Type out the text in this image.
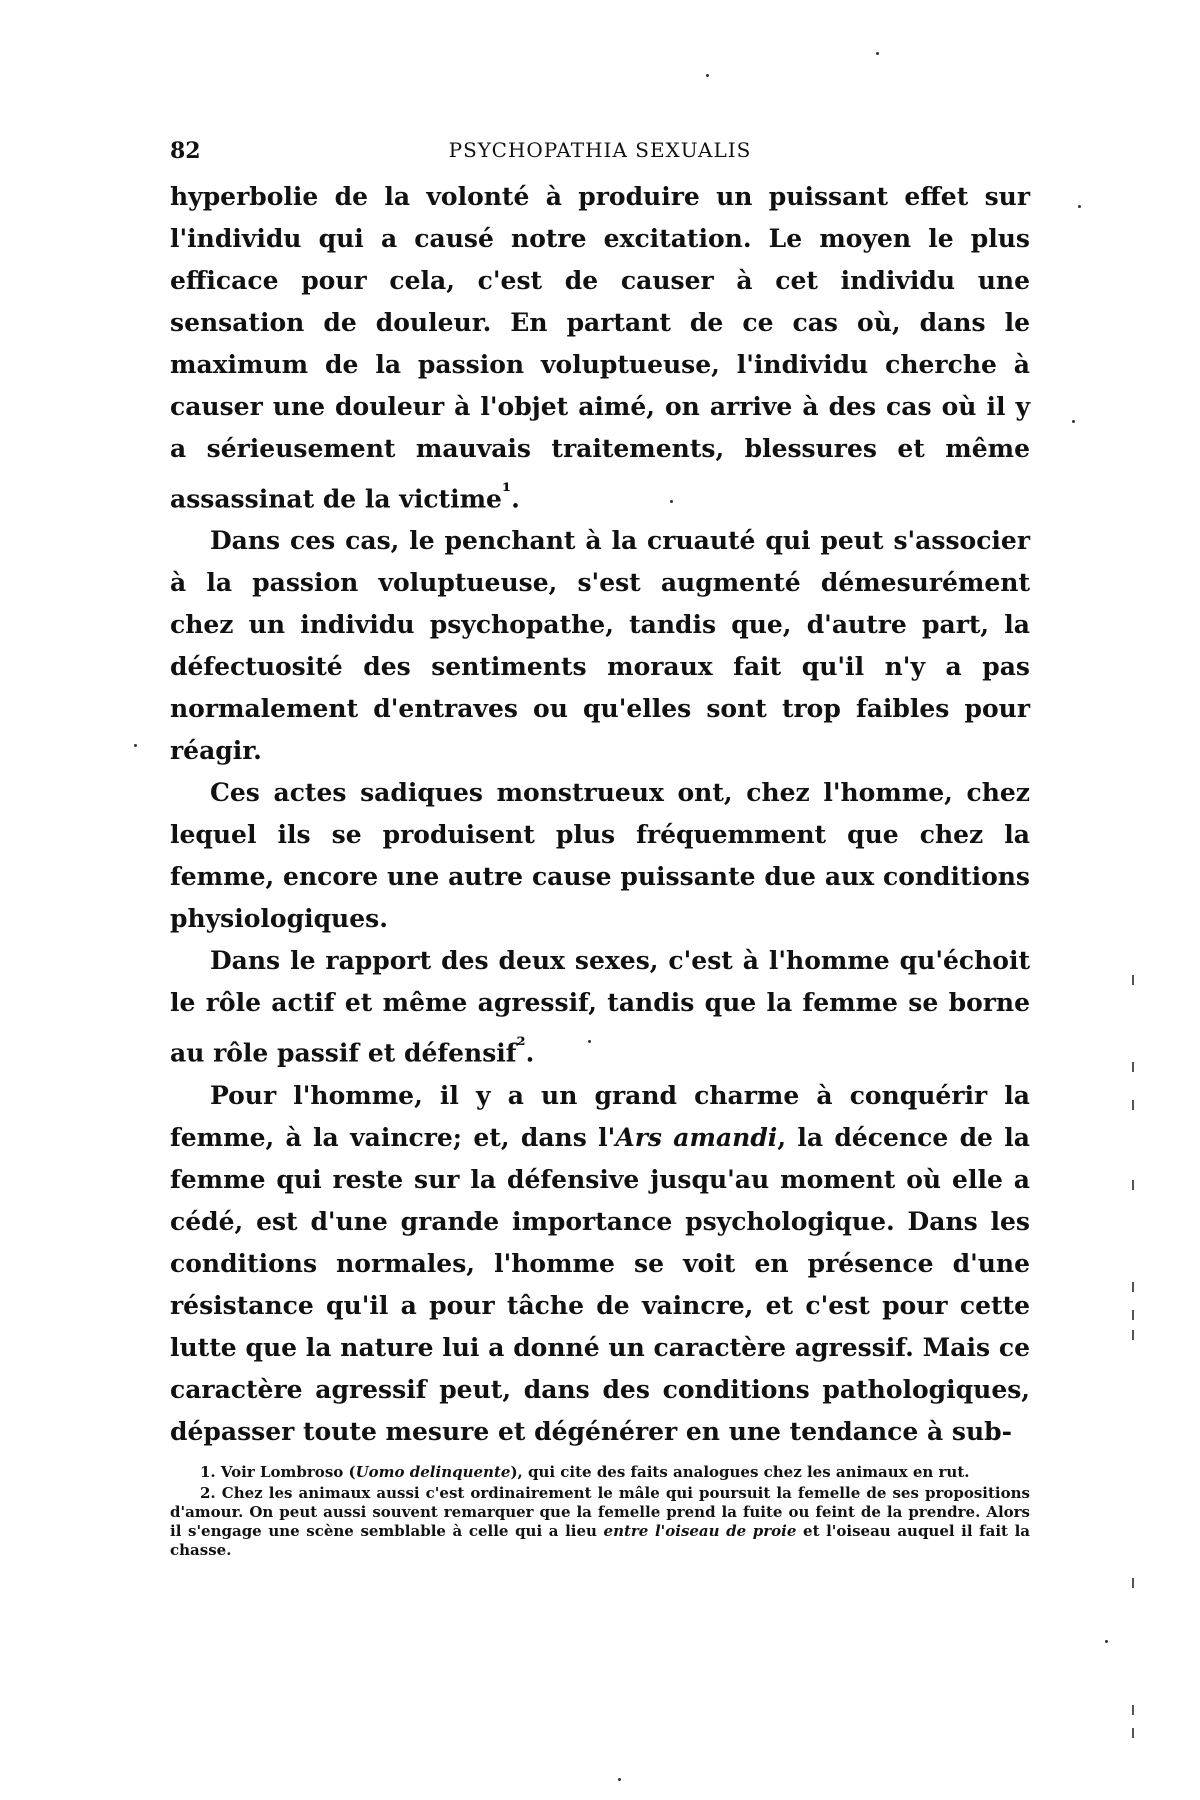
82	PSYCHOPATHIA SEXUALIS

hyperbolie de la volonté à produire un puissant effet sur l'individu qui a causé notre excitation. Le moyen le plus efficace pour cela, c'est de causer à cet individu une sensation de douleur. En partant de ce cas où, dans le maximum de la passion voluptueuse, l'individu cherche à causer une douleur à l'objet aimé, on arrive à des cas où il y a sérieusement mauvais traitements, blessures et même assassinat de la victime$^{^1}$.

Dans ces cas, le penchant à la cruauté qui peut s'associer à la passion voluptueuse, s'est augmenté démesurément chez un individu psychopathe, tandis que, d'autre part, la défectuosité des sentiments moraux fait qu'il n'y a pas normalement d'entraves ou qu'elles sont trop faibles pour réagir.

Ces actes sadiques monstrueux ont, chez l'homme, chez lequel ils se produisent plus fréquemment que chez la femme, encore une autre cause puissante due aux conditions physiologiques.

Dans le rapport des deux sexes, c'est à l'homme qu'échoit le rôle actif et même agressif, tandis que la femme se borne au rôle passif et défensif$^{^2}$.

Pour l'homme, il y a un grand charme à conquérir la femme, à la vaincre; et, dans l'Ars amandi, la décence de la femme qui reste sur la défensive jusqu'au moment où elle a cédé, est d'une grande importance psychologique. Dans les conditions normales, l'homme se voit en présence d'une résistance qu'il a pour tâche de vaincre, et c'est pour cette lutte que la nature lui a donné un caractère agressif. Mais ce caractère agressif peut, dans des conditions pathologiques, dépasser toute mesure et dégénérer en une tendance à sub-

1. Voir Lombroso (Uomo delinquente), qui cite des faits analogues chez les animaux en rut.

2. Chez les animaux aussi c'est ordinairement le mâle qui poursuit la femelle de ses propositions d'amour. On peut aussi souvent remarquer que la femelle prend la fuite ou feint de la prendre. Alors il s'engage une scène semblable à celle qui a lieu entre l'oiseau de proie et l'oiseau auquel il fait la chasse.
